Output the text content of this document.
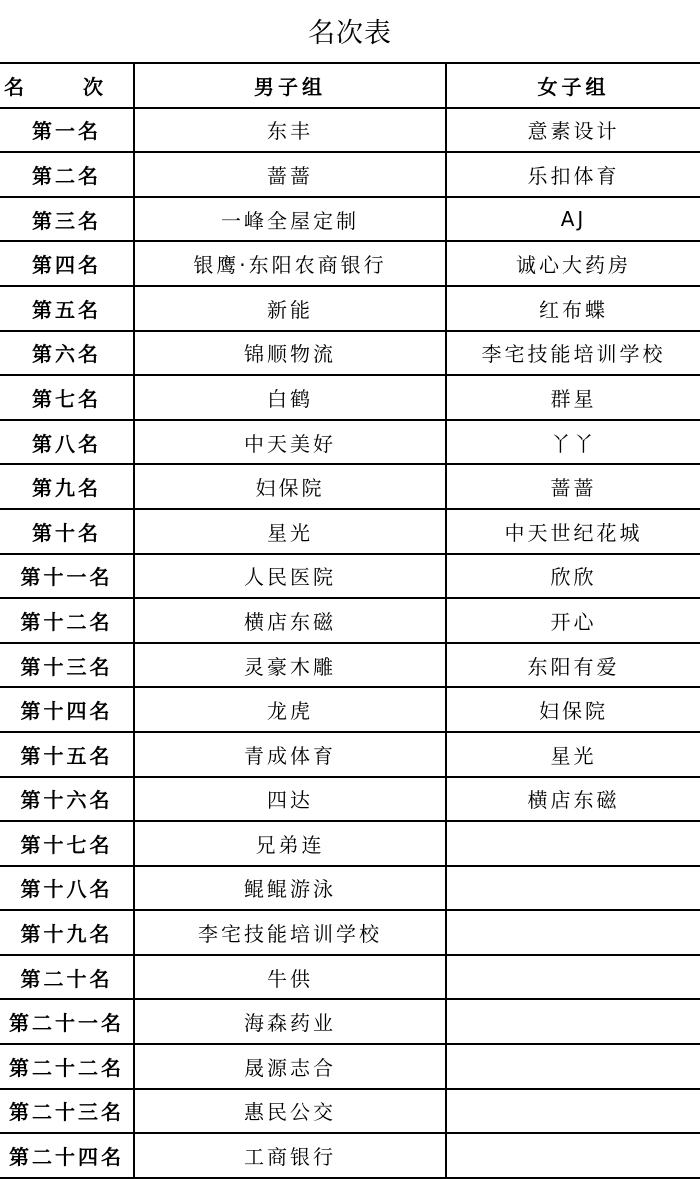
名次表
名 次	男子组	女子组
第一名	东丰	意素设计
第二名	蔷蔷	乐扣体育
第三名	一峰全屋定制	AJ
第四名	银鹰·东阳农商银行	诚心大药房
第五名	新能	红布蝶
第六名	锦顺物流	李宅技能培训学校
第七名	白鹤	群星
第八名	中天美好	丫丫
第九名	妇保院	蔷蔷
第十名	星光	中天世纪花城
第十一名	人民医院	欣欣
第十二名	横店东磁	开心
第十三名	灵豪木雕	东阳有爱
第十四名	龙虎	妇保院
第十五名	青成体育	星光
第十六名	四达	横店东磁
第十七名	兄弟连	
第十八名	鲲鲲游泳	
第十九名	李宅技能培训学校	
第二十名	牛供	
第二十一名	海森药业	
第二十二名	晟源志合	
第二十三名	惠民公交	
第二十四名	工商银行	
